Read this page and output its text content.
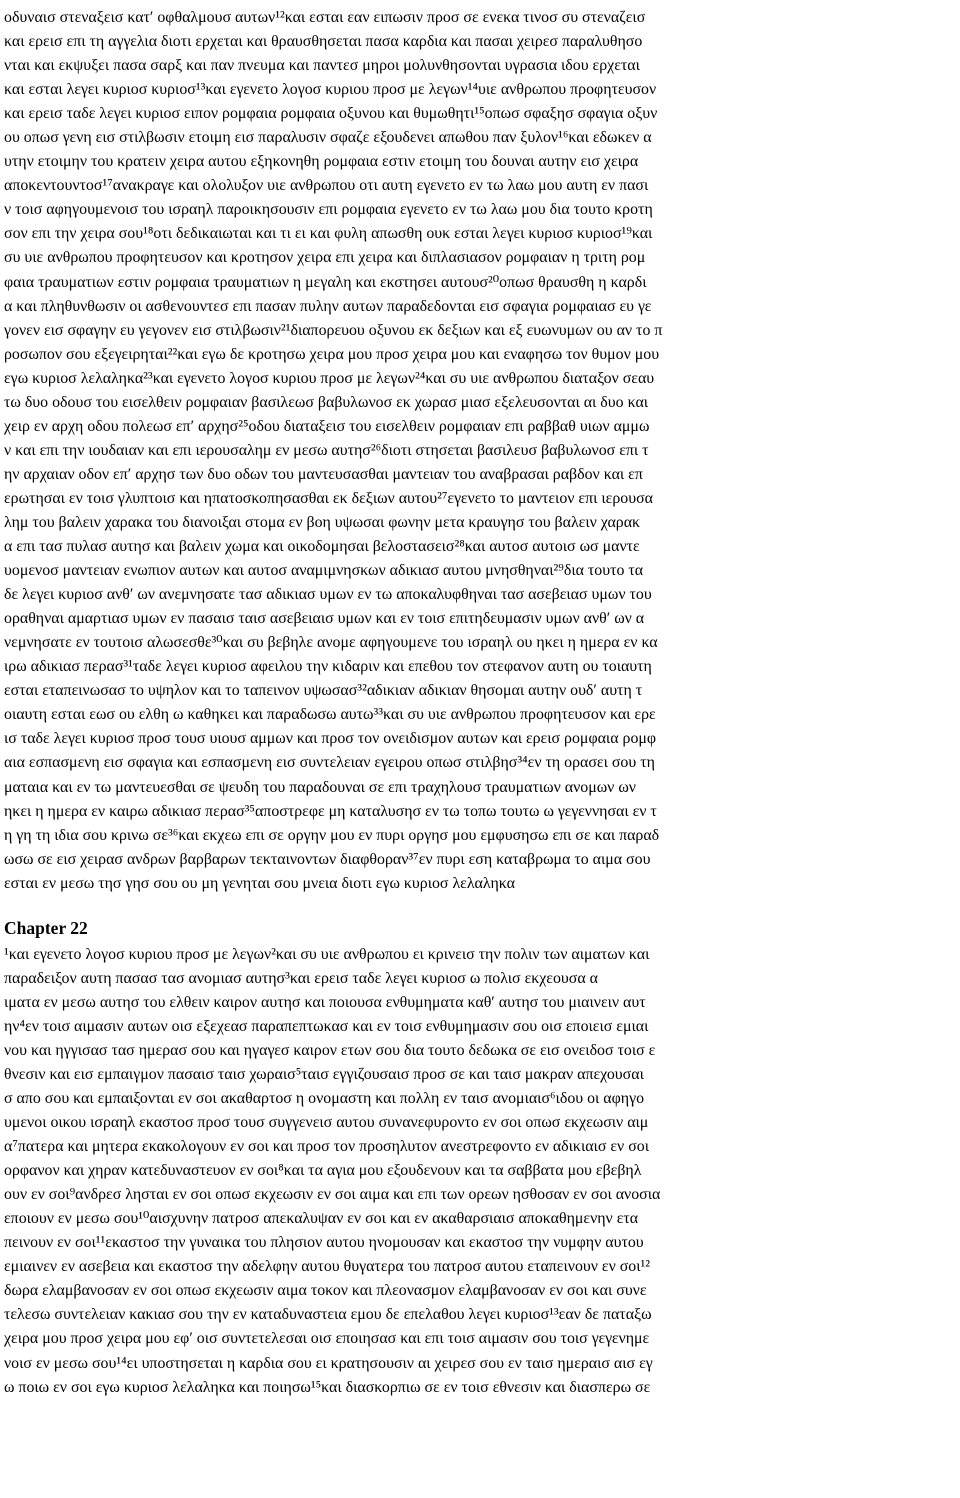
οδυναισ στεναξεισ κατ′ οφθαλμουσ αυτων¹²και εσται εαν ειπωσιν προσ σε ενεκα τινοσ συ στεναζεισ
και ερεισ επι τη αγγελια διοτι ερχεται και θραυσθησεται πασα καρδια και πασαι χειρεσ παραλυθησο
νται και εκψυξει πασα σαρξ και παν πνευμα και παντεσ μηροι μολυνθησονται υγρασια ιδου ερχεται
και εσται λεγει κυριοσ κυριοσ¹³και εγενετο λογοσ κυριου προσ με λεγων¹⁴υιε ανθρωπου προφητευσον
και ερεισ ταδε λεγει κυριοσ ειπον ρομφαια ρομφαια οξυνου και θυμωθητι¹⁵οπωσ σφαξησ σφαγια οξυν
ου οπωσ γενη εισ στιλβωσιν ετοιμη εισ παραλυσιν σφαζε εξουδενει απωθου παν ξυλον¹⁶και εδωκεν α
υτην ετοιμην του κρατειν χειρα αυτου εξηκονηθη ρομφαια εστιν ετοιμη του δουναι αυτην εισ χειρα
αποκεντουντοσ¹⁷ανακραγε και ολολυξον υιε ανθρωπου οτι αυτη εγενετο εν τω λαω μου αυτη εν πασι
ν τοισ αφηγουμενοισ του ισραηλ παροικησουσιν επι ρομφαια εγενετο εν τω λαω μου δια τουτο κροτη
σον επι την χειρα σου¹⁸οτι δεδικαιωται και τι ει και φυλη απωσθη ουκ εσται λεγει κυριοσ κυριοσ¹⁹και
συ υιε ανθρωπου προφητευσον και κροτησον χειρα επι χειρα και διπλασιασον ρομφαιαν η τριτη ρομ
φαια τραυματιων εστιν ρομφαια τραυματιων η μεγαλη και εκστησει αυτουσ²⁰οπωσ θραυσθη η καρδι
α και πληθυνθωσιν οι ασθενουντεσ επι πασαν πυλην αυτων παραδεδονται εισ σφαγια ρομφαιασ ευ γε
γονεν εισ σφαγην ευ γεγονεν εισ στιλβωσιν²¹διαπορευου οξυνου εκ δεξιων και εξ ευωνυμων ου αν το π
ροσωπον σου εξεγειρηται²²και εγω δε κροτησω χειρα μου προσ χειρα μου και εναφησω τον θυμον μου
εγω κυριοσ λελαληκα²³και εγενετο λογοσ κυριου προσ με λεγων²⁴και συ υιε ανθρωπου διαταξον σεαυ
τω δυο οδουσ του εισελθειν ρομφαιαν βασιλεωσ βαβυλωνοσ εκ χωρασ μιασ εξελευσονται αι δυο και
χειρ εν αρχη οδου πολεωσ επ′ αρχησ²⁵οδου διαταξεισ του εισελθειν ρομφαιαν επι ραββαθ υιων αμμω
ν και επι την ιουδαιαν και επι ιερουσαλημ εν μεσω αυτησ²⁶διοτι στησεται βασιλευσ βαβυλωνοσ επι τ
ην αρχαιαν οδον επ′ αρχησ των δυο οδων του μαντευσασθαι μαντειαν του αναβρασαι ραβδον και επ
ερωτησαι εν τοισ γλυπτοισ και ηπατοσκοπησασθαι εκ δεξιων αυτου²⁷εγενετο το μαντειον επι ιερουσα
λημ του βαλειν χαρακα του διανοιξαι στομα εν βοη υψωσαι φωνην μετα κραυγησ του βαλειν χαρακ
α επι τασ πυλασ αυτησ και βαλειν χωμα και οικοδομησαι βελοστασεισ²⁸και αυτοσ αυτοισ ωσ μαντε
υομενοσ μαντειαν ενωπιον αυτων και αυτοσ αναμιμνησκων αδικιασ αυτου μνησθηναι²⁹δια τουτο τα
δε λεγει κυριοσ ανθ′ ων ανεμνησατε τασ αδικιασ υμων εν τω αποκαλυφθηναι τασ ασεβειασ υμων του
οραθηναι αμαρτιασ υμων εν πασαισ ταισ ασεβειαισ υμων και εν τοισ επιτηδευμασιν υμων ανθ′ ων α
νεμνησατε εν τουτοισ αλωσεσθε³⁰και συ βεβηλε ανομε αφηγουμενε του ισραηλ ου ηκει η ημερα εν κα
ιρω αδικιασ περασ³¹ταδε λεγει κυριοσ αφειλου την κιδαριν και επεθου τον στεφανον αυτη ου τοιαυτη
εσται εταπεινωσασ το υψηλον και το ταπεινον υψωσασ³²αδικιαν αδικιαν θησομαι αυτην ουδ′ αυτη τ
οιαυτη εσται εωσ ου ελθη ω καθηκει και παραδωσω αυτω³³και συ υιε ανθρωπου προφητευσον και ερε
ισ ταδε λεγει κυριοσ προσ τουσ υιουσ αμμων και προσ τον ονειδισμον αυτων και ερεισ ρομφαια ρομφ
αια εσπασμενη εισ σφαγια και εσπασμενη εισ συντελειαν εγειρου οπωσ στιλβησ³⁴εν τη ορασει σου τη
ματαια και εν τω μαντευεσθαι σε ψευδη του παραδουναι σε επι τραχηλουσ τραυματιων ανομων ων
ηκει η ημερα εν καιρω αδικιασ περασ³⁵αποστρεφε μη καταλυσησ εν τω τοπω τουτω ω γεγεννησαι εν τ
η γη τη ιδια σου κρινω σε³⁶και εκχεω επι σε οργην μου εν πυρι οργησ μου εμφυσησω επι σε και παραδ
ωσω σε εισ χειρασ ανδρων βαρβαρων τεκταινοντων διαφθοραν³⁷εν πυρι εση καταβρωμα το αιμα σου
εσται εν μεσω τησ γησ σου ου μη γενηται σου μνεια διοτι εγω κυριοσ λελαληκα
Chapter 22
¹και εγενετο λογοσ κυριου προσ με λεγων²και συ υιε ανθρωπου ει κρινεισ την πολιν των αιματων και
παραδειξον αυτη πασασ τασ ανομιασ αυτησ³και ερεισ ταδε λεγει κυριοσ ω πολισ εκχεουσα α
ιματα εν μεσω αυτησ του ελθειν καιρον αυτησ και ποιουσα ενθυμηματα καθ′ αυτησ του μιαινειν αυτ
ην⁴εν τοισ αιμασιν αυτων οισ εξεχεασ παραπεπτωκασ και εν τοισ ενθυμημασιν σου οισ εποιεισ εμιαι
νου και ηγγισασ τασ ημερασ σου και ηγαγεσ καιρον ετων σου δια τουτο δεδωκα σε εισ ονειδοσ τοισ ε
θνεσιν και εισ εμπαιγμον πασαισ ταισ χωραισ⁵ταισ εγγιζουσαισ προσ σε και ταισ μακραν απεχουσαι
σ απο σου και εμπαιξονται εν σοι ακαθαρτοσ η ονομαστη και πολλη εν ταισ ανομιαισ⁶ιδου οι αφηγο
υμενοι οικου ισραηλ εκαστοσ προσ τουσ συγγενεισ αυτου συνανεφυροντο εν σοι οπωσ εκχεωσιν αιμ
α⁷πατερα και μητερα εκακολογουν εν σοι και προσ τον προσηλυτον ανεστρεφοντο εν αδικιαισ εν σοι
ορφανον και χηραν κατεδυναστευον εν σοι⁸και τα αγια μου εξουδενουν και τα σαββατα μου εβεβηλ
ουν εν σοι⁹ανδρεσ λησται εν σοι οπωσ εκχεωσιν εν σοι αιμα και επι των ορεων ησθοσαν εν σοι ανοσια
εποιουν εν μεσω σου¹⁰αισχυνην πατροσ απεκαλυψαν εν σοι και εν ακαθαρσιαισ αποκαθημενην ετα
πεινουν εν σοι¹¹εκαστοσ την γυναικα του πλησιον αυτου ηνομουσαν και εκαστοσ την νυμφην αυτου
εμιαινεν εν ασεβεια και εκαστοσ την αδελφην αυτου θυγατερα του πατροσ αυτου εταπεινουν εν σοι¹²
δωρα ελαμβανοσαν εν σοι οπωσ εκχεωσιν αιμα τοκον και πλεονασμον ελαμβανοσαν εν σοι και συνε
τελεσω συντελειαν κακιασ σου την εν καταδυναστεια εμου δε επελαθου λεγει κυριοσ¹³εαν δε παταξω
χειρα μου προσ χειρα μου εφ′ οισ συντετελεσαι οισ εποιησασ και επι τοισ αιμασιν σου τοισ γεγενημε
νοισ εν μεσω σου¹⁴ει υποστησεται η καρδια σου ει κρατησουσιν αι χειρεσ σου εν ταισ ημεραισ αισ εγ
ω ποιω εν σοι εγω κυριοσ λελαληκα και ποιησω¹⁵και διασκορπιω σε εν τοισ εθνεσιν και διασπερω σε
